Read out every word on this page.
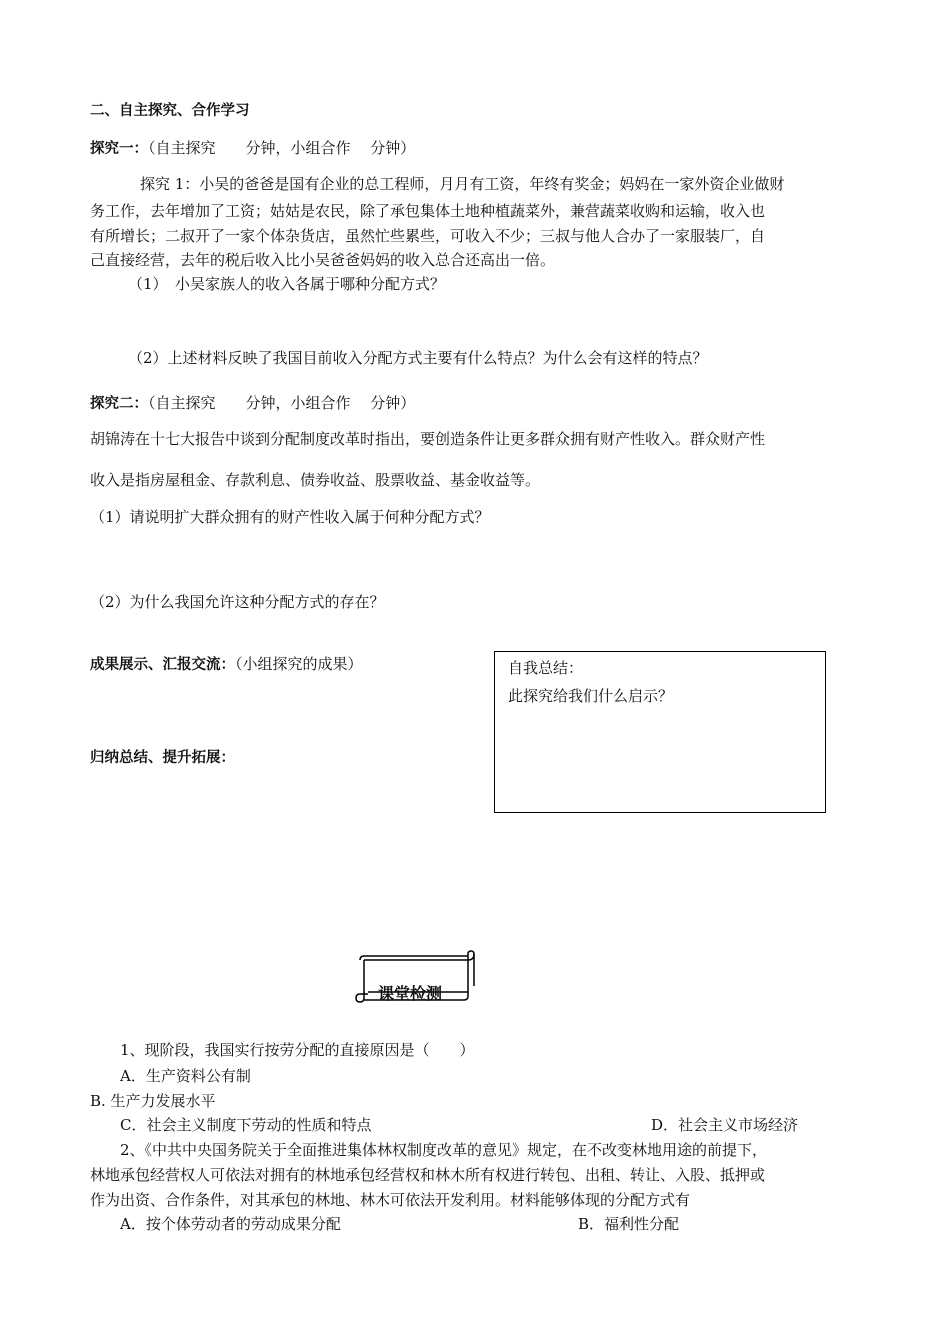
二、自主探究、合作学习
探究一：（自主探究　　分钟，小组合作　 分钟）
探究 1：小吴的爸爸是国有企业的总工程师，月月有工资，年终有奖金；妈妈在一家外资企业做财
务工作，去年增加了工资；姑姑是农民，除了承包集体土地种植蔬菜外，兼营蔬菜收购和运输，收入也
有所增长；二叔开了一家个体杂货店，虽然忙些累些，可收入不少；三叔与他人合办了一家服装厂，自
己直接经营，去年的税后收入比小吴爸爸妈妈的收入总合还高出一倍。
（1）　小吴家族人的收入各属于哪种分配方式？
（2）上述材料反映了我国目前收入分配方式主要有什么特点？为什么会有这样的特点？
探究二：（自主探究　　分钟，小组合作　 分钟）
胡锦涛在十七大报告中谈到分配制度改革时指出，要创造条件让更多群众拥有财产性收入。群众财产性
收入是指房屋租金、存款利息、债券收益、股票收益、基金收益等。
（1）请说明扩大群众拥有的财产性收入属于何种分配方式？
（2）为什么我国允许这种分配方式的存在？
成果展示、汇报交流：（小组探究的成果）
归纳总结、提升拓展：
自我总结：
此探究给我们什么启示？
课堂检测
1、现阶段，我国实行按劳分配的直接原因是（　　）
A．生产资料公有制
B. 生产力发展水平
C．社会主义制度下劳动的性质和特点	D．社会主义市场经济
2、《中共中央国务院关于全面推进集体林权制度改革的意见》规定，在不改变林地用途的前提下，
林地承包经营权人可依法对拥有的林地承包经营权和林木所有权进行转包、出租、转让、入股、抵押或
作为出资、合作条件，对其承包的林地、林木可依法开发利用。材料能够体现的分配方式有
A．按个体劳动者的劳动成果分配	B．福利性分配
